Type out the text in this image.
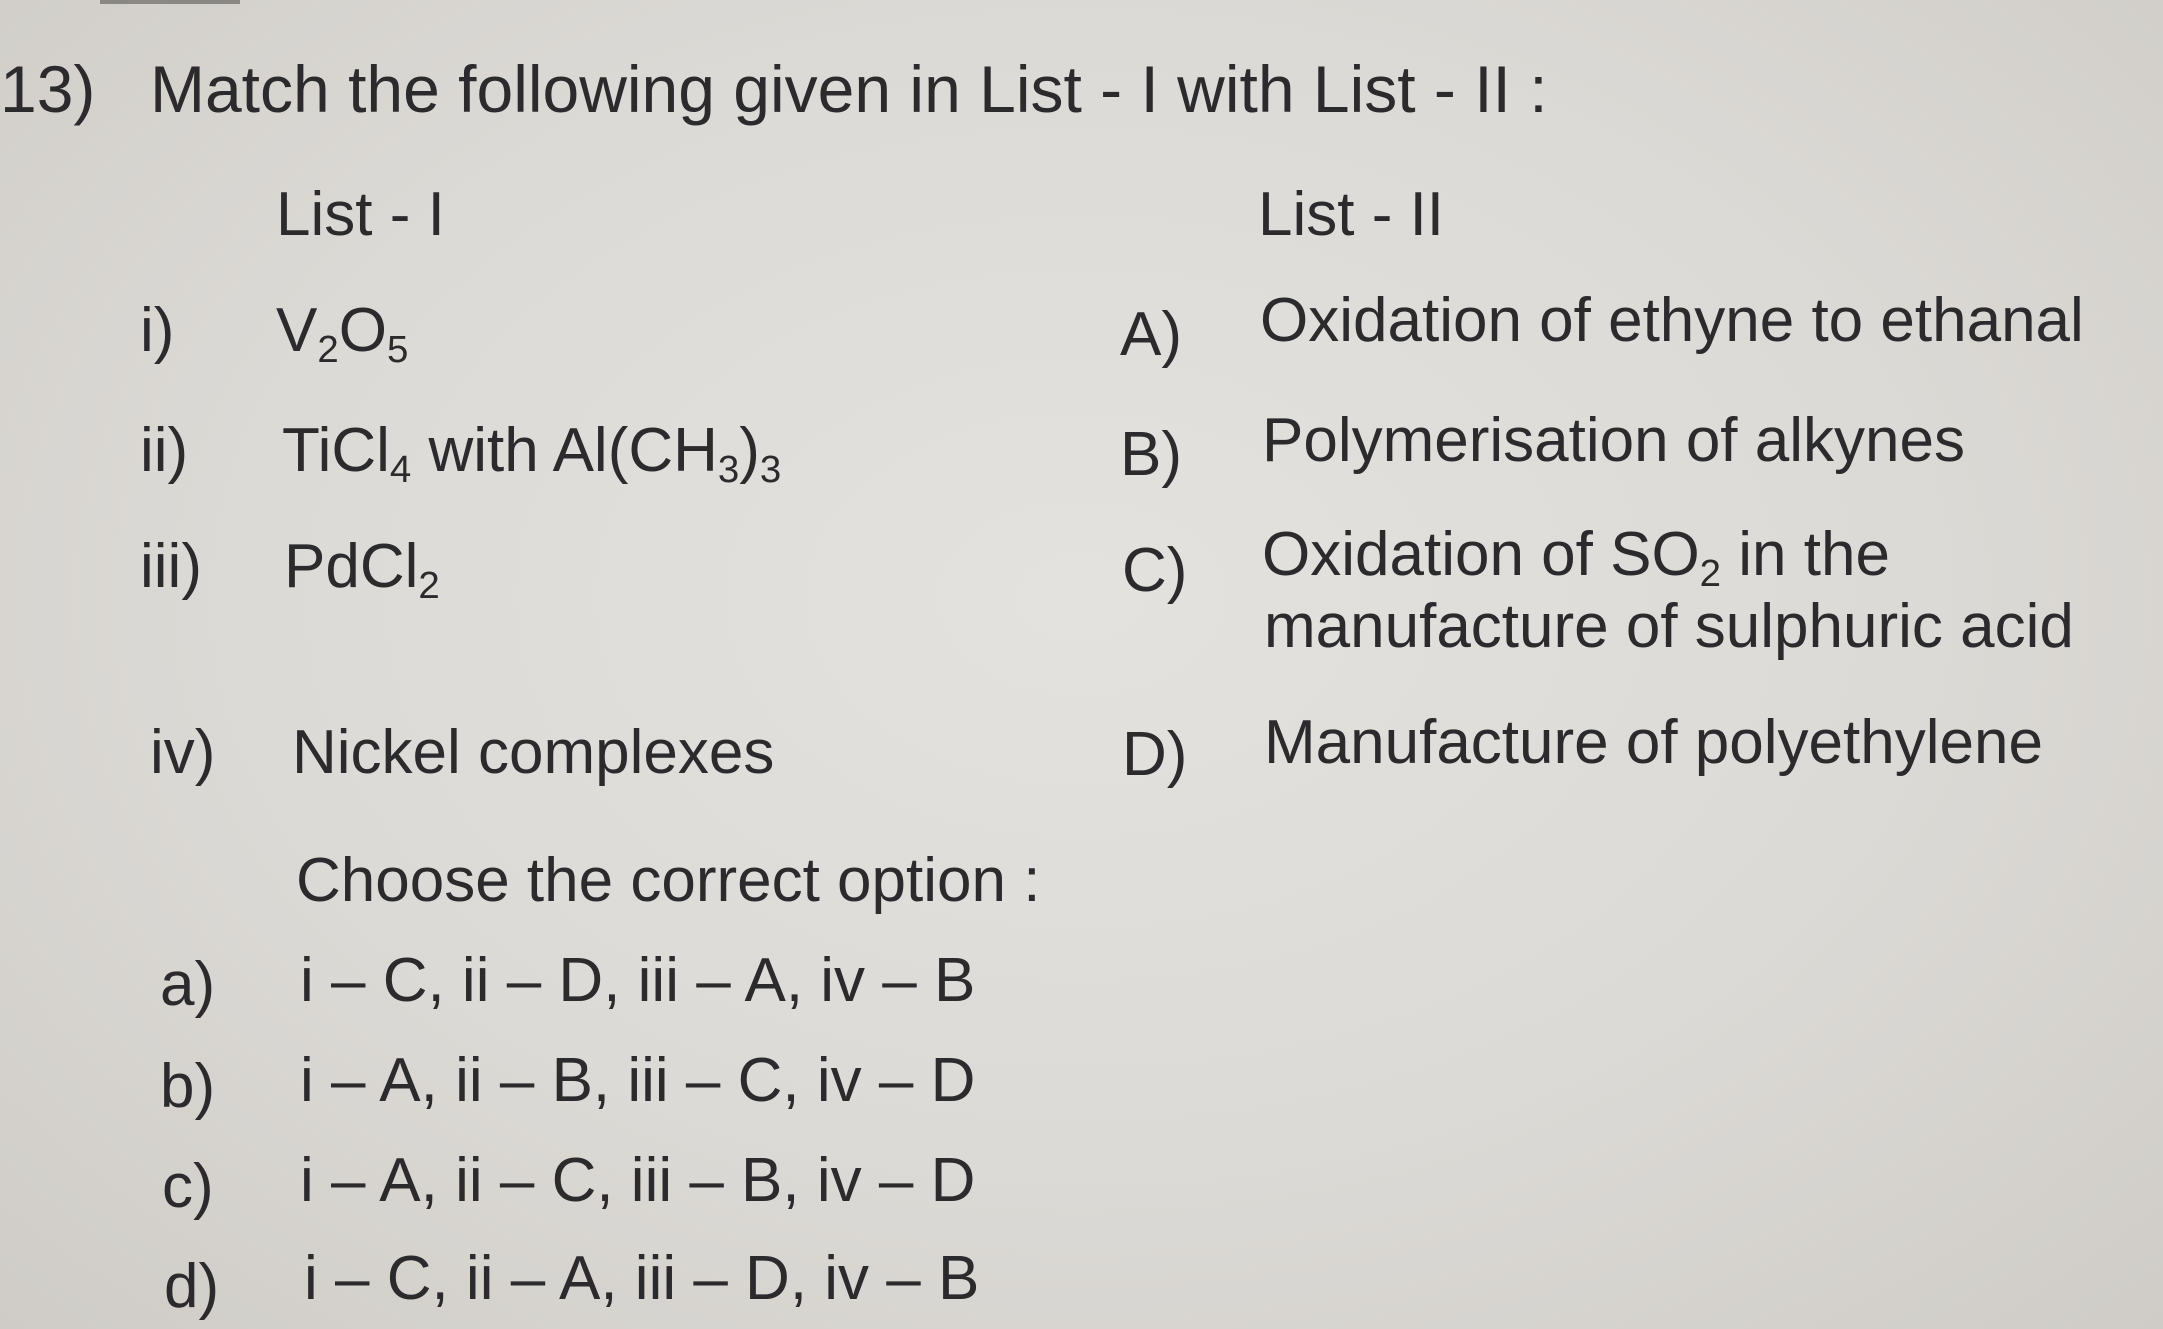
13) Match the following given in List - I with List - II :
List - I	List - II
i) $V_2O_5$
ii) TiCl$_4$ with $Al(CH_3)_3$
iii) PdCl$_2$
iv) Nickel complexes
A) Oxidation of ethyne to ethanal
B) Polymerisation of alkynes
C) Oxidation of $SO_2$ in the
manufacture of sulphuric acid
D) Manufacture of polyethylene
Choose the correct option :
a) i – C, ii – D, iii – A, iv – B
b) i – A, ii – B, iii – C, iv – D
c) i – A, ii – C, iii – B, iv – D
d) i – C, ii – A, iii – D, iv – B
